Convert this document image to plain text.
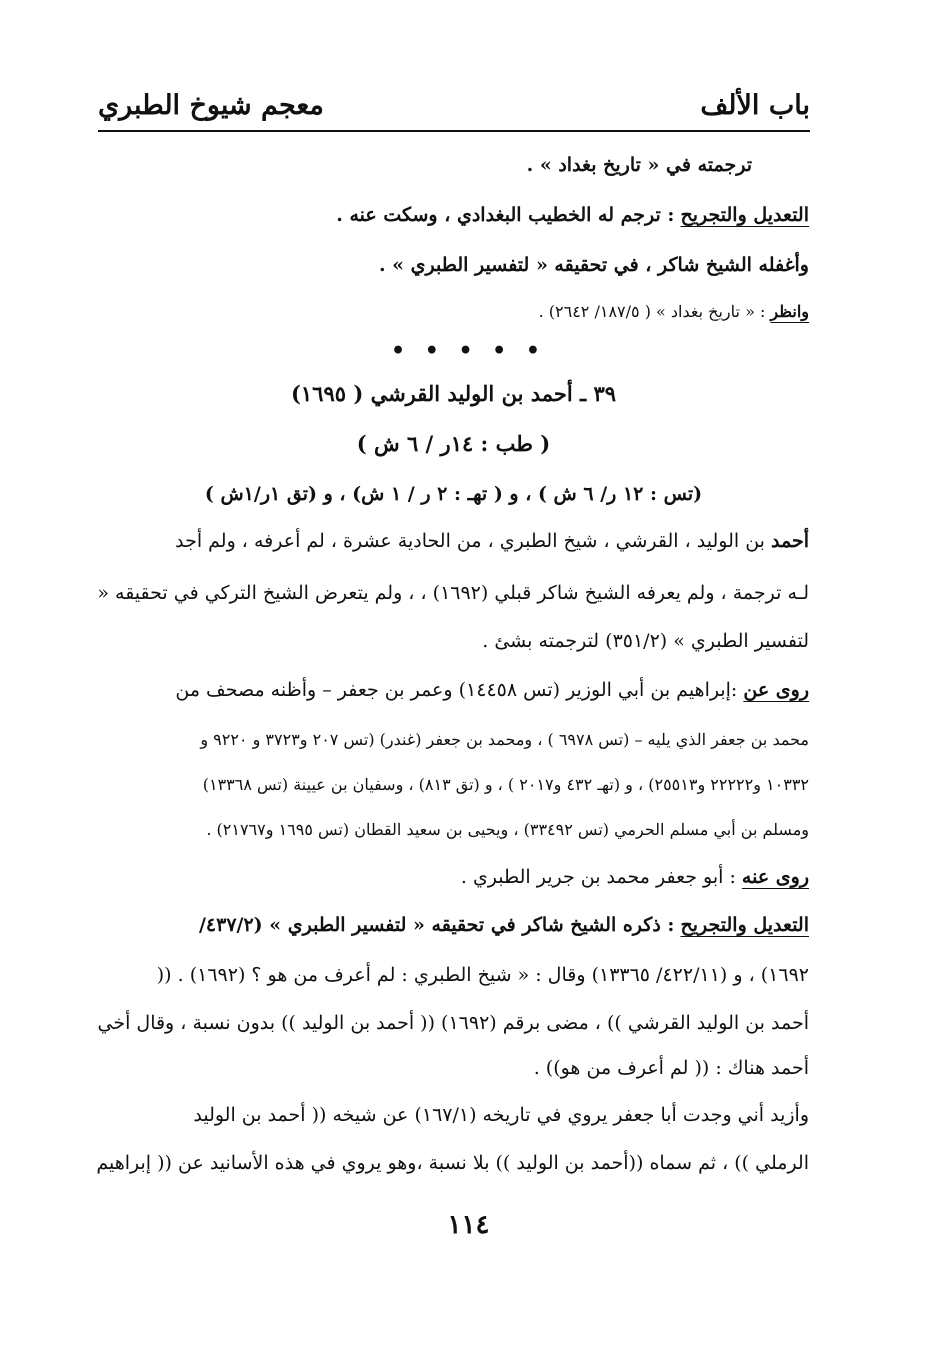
باب الألف
معجم شيوخ الطبري
ترجمته في « تاريخ بغداد » .
التعديل والتجريح : ترجم له الخطيب البغدادي ، وسكت عنه .
وأغفله الشيخ شاكر ، في تحقيقه « لتفسير الطبري » .
وانظر : « تاريخ بغداد » ( ١٨٧/٥/ ٢٦٤٢) .
• • • • •
٣٩ ـ أحمد بن الوليد القرشي ( ١٦٩٥)
( طب : ١٤ر / ٦ ش )
(تس : ١٢ ر/ ٦ ش ) ، و ( تهـ : ٢ ر / ١ ش) ، و (تق ١ر/١ش )
أحمد بن الوليد ، القرشي ، شيخ الطبري ، من الحادية عشرة ، لم أعرفه ، ولم أجد
لـه ترجمة ، ولم يعرفه الشيخ شاكر قبلي (١٦٩٢) ، ، ولم يتعرض الشيخ التركي في تحقيقه «
لتفسير الطبري » (٣٥١/٢) لترجمته بشئ .
روى عن :إبراهيم بن أبي الوزير (تس ١٤٤٥٨) وعمر بن جعفر – وأظنه مصحف من
محمد بن جعفر الذي يليه – (تس ٦٩٧٨ ) ، ومحمد بن جعفر (غندر) (تس ٢٠٧ و٣٧٢٣ و ٩٢٢٠ و
١٠٣٣٢ و٢٢٢٢٢ و٢٥٥١٣) ، و (تهـ ٤٣٢ و٢٠١٧ ) ، و (تق ٨١٣) ، وسفيان بن عيينة (تس ١٣٣٦٨)
ومسلم بن أبي مسلم الحرمي (تس ٣٣٤٩٢) ، ويحيى بن سعيد القطان (تس ١٦٩٥ و٢١٧٦٧) .
روى عنه : أبو جعفر محمد بن جرير الطبري .
التعديل والتجريح : ذكره الشيخ شاكر في تحقيقه « لتفسير الطبري » (٤٣٧/٢/
١٦٩٢) ، و (٤٢٢/١١/ ١٣٣٦٥) وقال : « شيخ الطبري : لم أعرف من هو ؟ (١٦٩٢) . ((
أحمد بن الوليد القرشي )) ، مضى برقم (١٦٩٢) (( أحمد بن الوليد )) بدون نسبة ، وقال أخي
أحمد هناك : (( لم أعرف من هو)) .
وأزيد أني وجدت أبا جعفر يروي في تاريخه (١٦٧/١) عن شيخه (( أحمد بن الوليد
الرملي )) ، ثم سماه ((أحمد بن الوليد )) بلا نسبة ،وهو يروي في هذه الأسانيد عن (( إبراهيم
١١٤
